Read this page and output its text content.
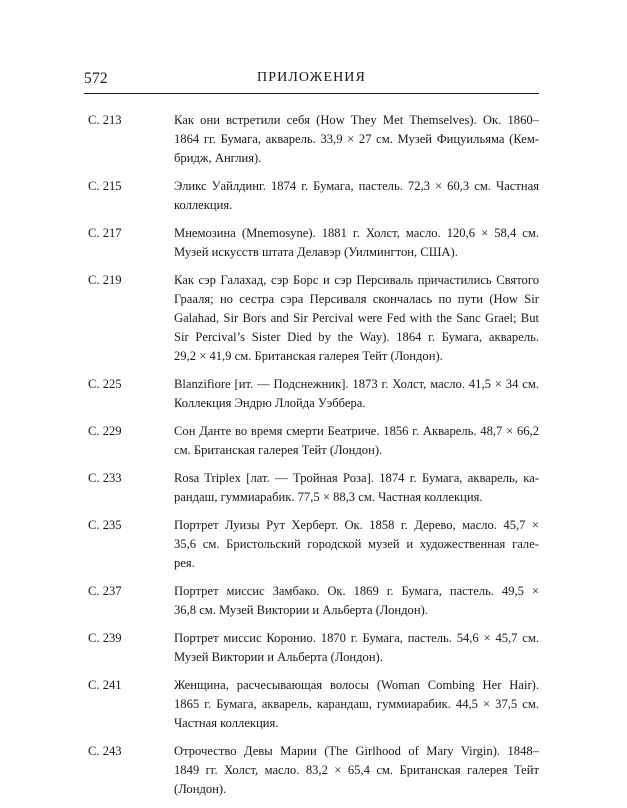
572	ПРИЛОЖЕНИЯ
С. 213	Как они встретили себя (How They Met Themselves). Ок. 1860–
1864 гг. Бумага, акварель. 33,9 × 27 см. Музей Фицуильяма (Кем-
бридж, Англия).
С. 215	Эликс Уайлдинг. 1874 г. Бумага, пастель. 72,3 × 60,3 см. Частная
коллекция.
С. 217	Мнемозина (Mnemosyne). 1881 г. Холст, масло. 120,6 × 58,4 см.
Музей искусств штата Делавэр (Уилмингтон, США).
С. 219	Как сэр Галахад, сэр Борс и сэр Персиваль причастились Святого
Грааля; но сестра сэра Персиваля скончалась по пути (How Sir
Galahad, Sir Bors and Sir Percival were Fed with the Sanc Grael; But
Sir Percival’s Sister Died by the Way). 1864 г. Бумага, акварель.
29,2 × 41,9 см. Британская галерея Тейт (Лондон).
С. 225	Blanzifiore [ит. — Подснежник]. 1873 г. Холст, масло. 41,5 × 34 см.
Коллекция Эндрю Ллойда Уэббера.
С. 229	Сон Данте во время смерти Беатриче. 1856 г. Акварель. 48,7 × 66,2
см. Британская галерея Тейт (Лондон).
С. 233	Rosa Triplex [лат. — Тройная Роза]. 1874 г. Бумага, акварель, ка-
рандаш, гуммиарабик. 77,5 × 88,3 см. Частная коллекция.
С. 235	Портрет Луизы Рут Херберт. Ок. 1858 г. Дерево, масло. 45,7 ×
35,6 см. Бристольский городской музей и художественная гале-
рея.
С. 237	Портрет миссис Замбако. Ок. 1869 г. Бумага, пастель. 49,5 ×
36,8 см. Музей Виктории и Альберта (Лондон).
С. 239	Портрет миссис Коронио. 1870 г. Бумага, пастель. 54,6 × 45,7 см.
Музей Виктории и Альберта (Лондон).
С. 241	Женщина, расчесывающая волосы (Woman Combing Her Hair).
1865 г. Бумага, акварель, карандаш, гуммиарабик. 44,5 × 37,5 см.
Частная коллекция.
С. 243	Отрочество Девы Марии (The Girlhood of Mary Virgin). 1848–
1849 гг. Холст, масло. 83,2 × 65,4 см. Британская галерея Тейт
(Лондон).
